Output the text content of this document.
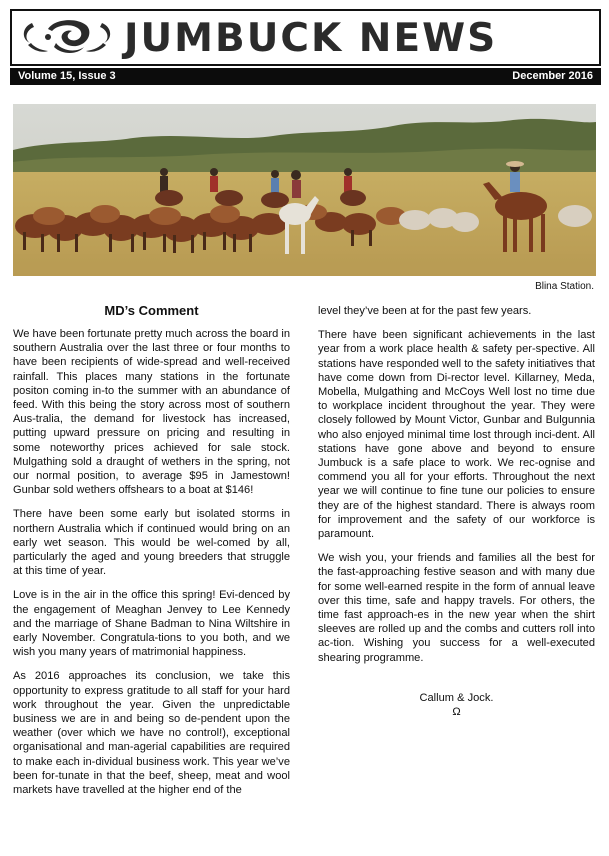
JUMBUCK NEWS
Volume 15, Issue 3	December 2016
Blina Station.
MD’s Comment

We have been fortunate pretty much across the board in southern Australia over the last three or four months to have been recipients of wide-spread and well-received rainfall. This places many stations in the fortunate positon coming in-to the summer with an abundance of feed. With this being the story across most of southern Aus-tralia, the demand for livestock has increased, putting upward pressure on pricing and resulting in some noteworthy prices achieved for sale stock. Mulgathing sold a draught of wethers in the spring, not our normal position, to average $95 in Jamestown! Gunbar sold wethers offshears to a boat at $146!

There have been some early but isolated storms in northern Australia which if continued would bring on an early wet season. This would be wel-comed by all, particularly the aged and young breeders that struggle at this time of year.

Love is in the air in the office this spring! Evi-denced by the engagement of Meaghan Jenvey to Lee Kennedy and the marriage of Shane Badman to Nina Wiltshire in early November. Congratula-tions to you both, and we wish you many years of matrimonial happiness.

As 2016 approaches its conclusion, we take this opportunity to express gratitude to all staff for your hard work throughout the year. Given the unpredictable business we are in and being so de-pendent upon the weather (over which we have no control!), exceptional organisational and man-agerial capabilities are required to make each in-dividual business work. This year we’ve been for-tunate in that the beef, sheep, meat and wool markets have travelled at the higher end of the

level they’ve been at for the past few years.

There have been significant achievements in the last year from a work place health & safety per-spective. All stations have responded well to the safety initiatives that have come down from Di-rector level. Killarney, Meda, Mobella, Mulgathing and McCoys Well lost no time due to workplace incident throughout the year. They were closely followed by Mount Victor, Gunbar and Bulgunnia who also enjoyed minimal time lost through inci-dent. All stations have gone above and beyond to ensure Jumbuck is a safe place to work. We rec-ognise and commend you all for your efforts. Throughout the next year we will continue to fine tune our policies to ensure they are of the highest standard. There is always room for improvement and the safety of our workforce is paramount.

We wish you, your friends and families all the best for the fast-approaching festive season and with many due for some well-earned respite in the form of annual leave over this time, safe and happy travels. For others, the time fast approach-es in the new year when the shirt sleeves are rolled up and the combs and cutters roll into ac-tion. Wishing you success for a well-executed shearing programme.

Callum & Jock.
Ω
